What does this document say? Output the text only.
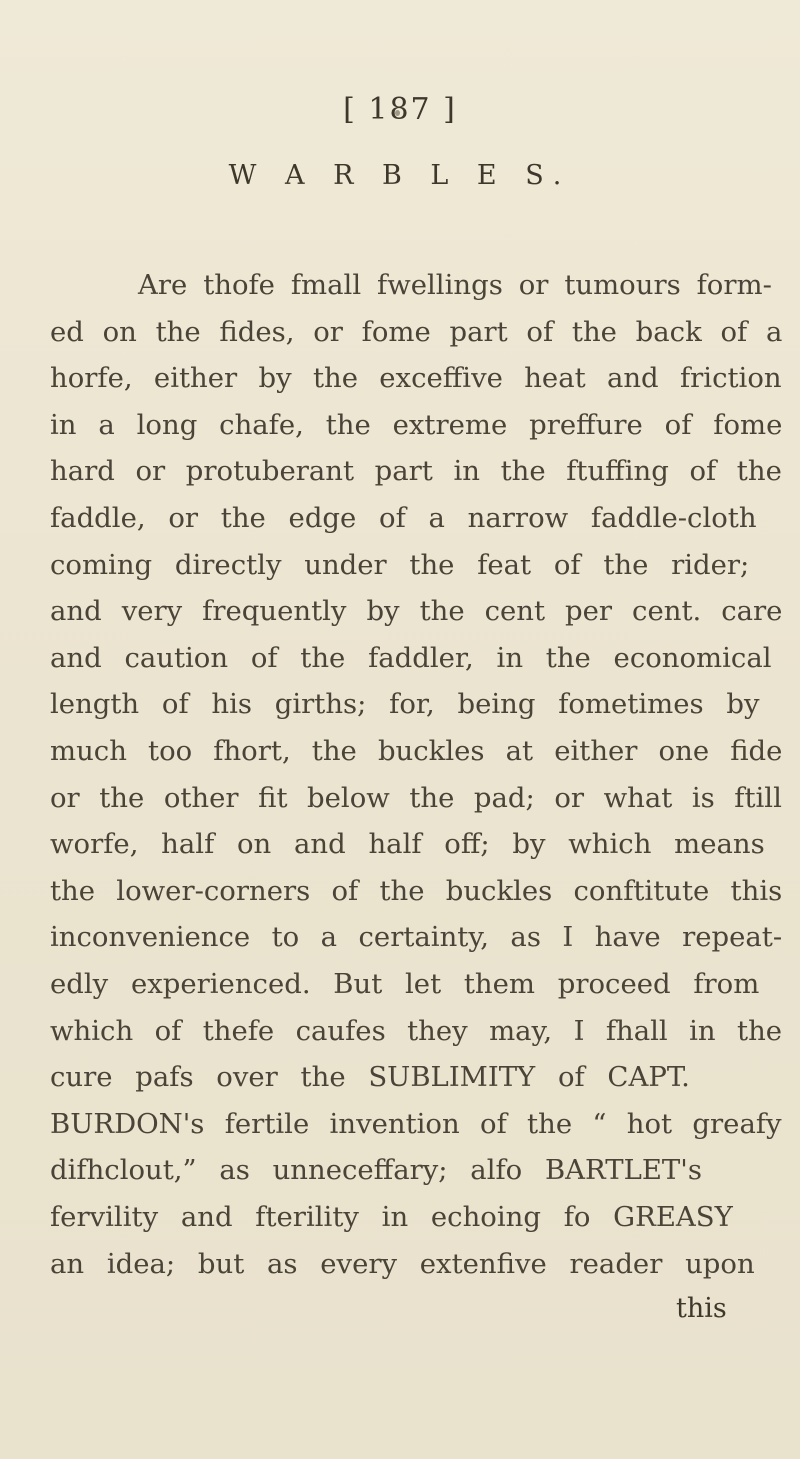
[ 187 ]
W A R B L E S.
Are thofe fmall fwellings or tumours form-
ed on the fides, or fome part of the back of a
horfe, either by the exceffive heat and friction
in a long chafe, the extreme preffure of fome
hard or protuberant part in the ftuffing of the
faddle, or the edge of a narrow faddle-cloth
coming directly under the feat of the rider;
and very frequently by the cent per cent. care
and caution of the faddler, in the economical
length of his girths; for, being fometimes by
much too fhort, the buckles at either one fide
or the other fit below the pad; or what is ftill
worfe, half on and half off; by which means
the lower-corners of the buckles conftitute this
inconvenience to a certainty, as I have repeat-
edly experienced. But let them proceed from
which of thefe caufes they may, I fhall in the
cure pafs over the SUBLIMITY of CAPT.
BURDON's fertile invention of the “ hot greafy
difhclout,” as unneceffary; alfo BARTLET's
fervility and fterility in echoing fo GREASY
an idea; but as every extenfive reader upon
this
